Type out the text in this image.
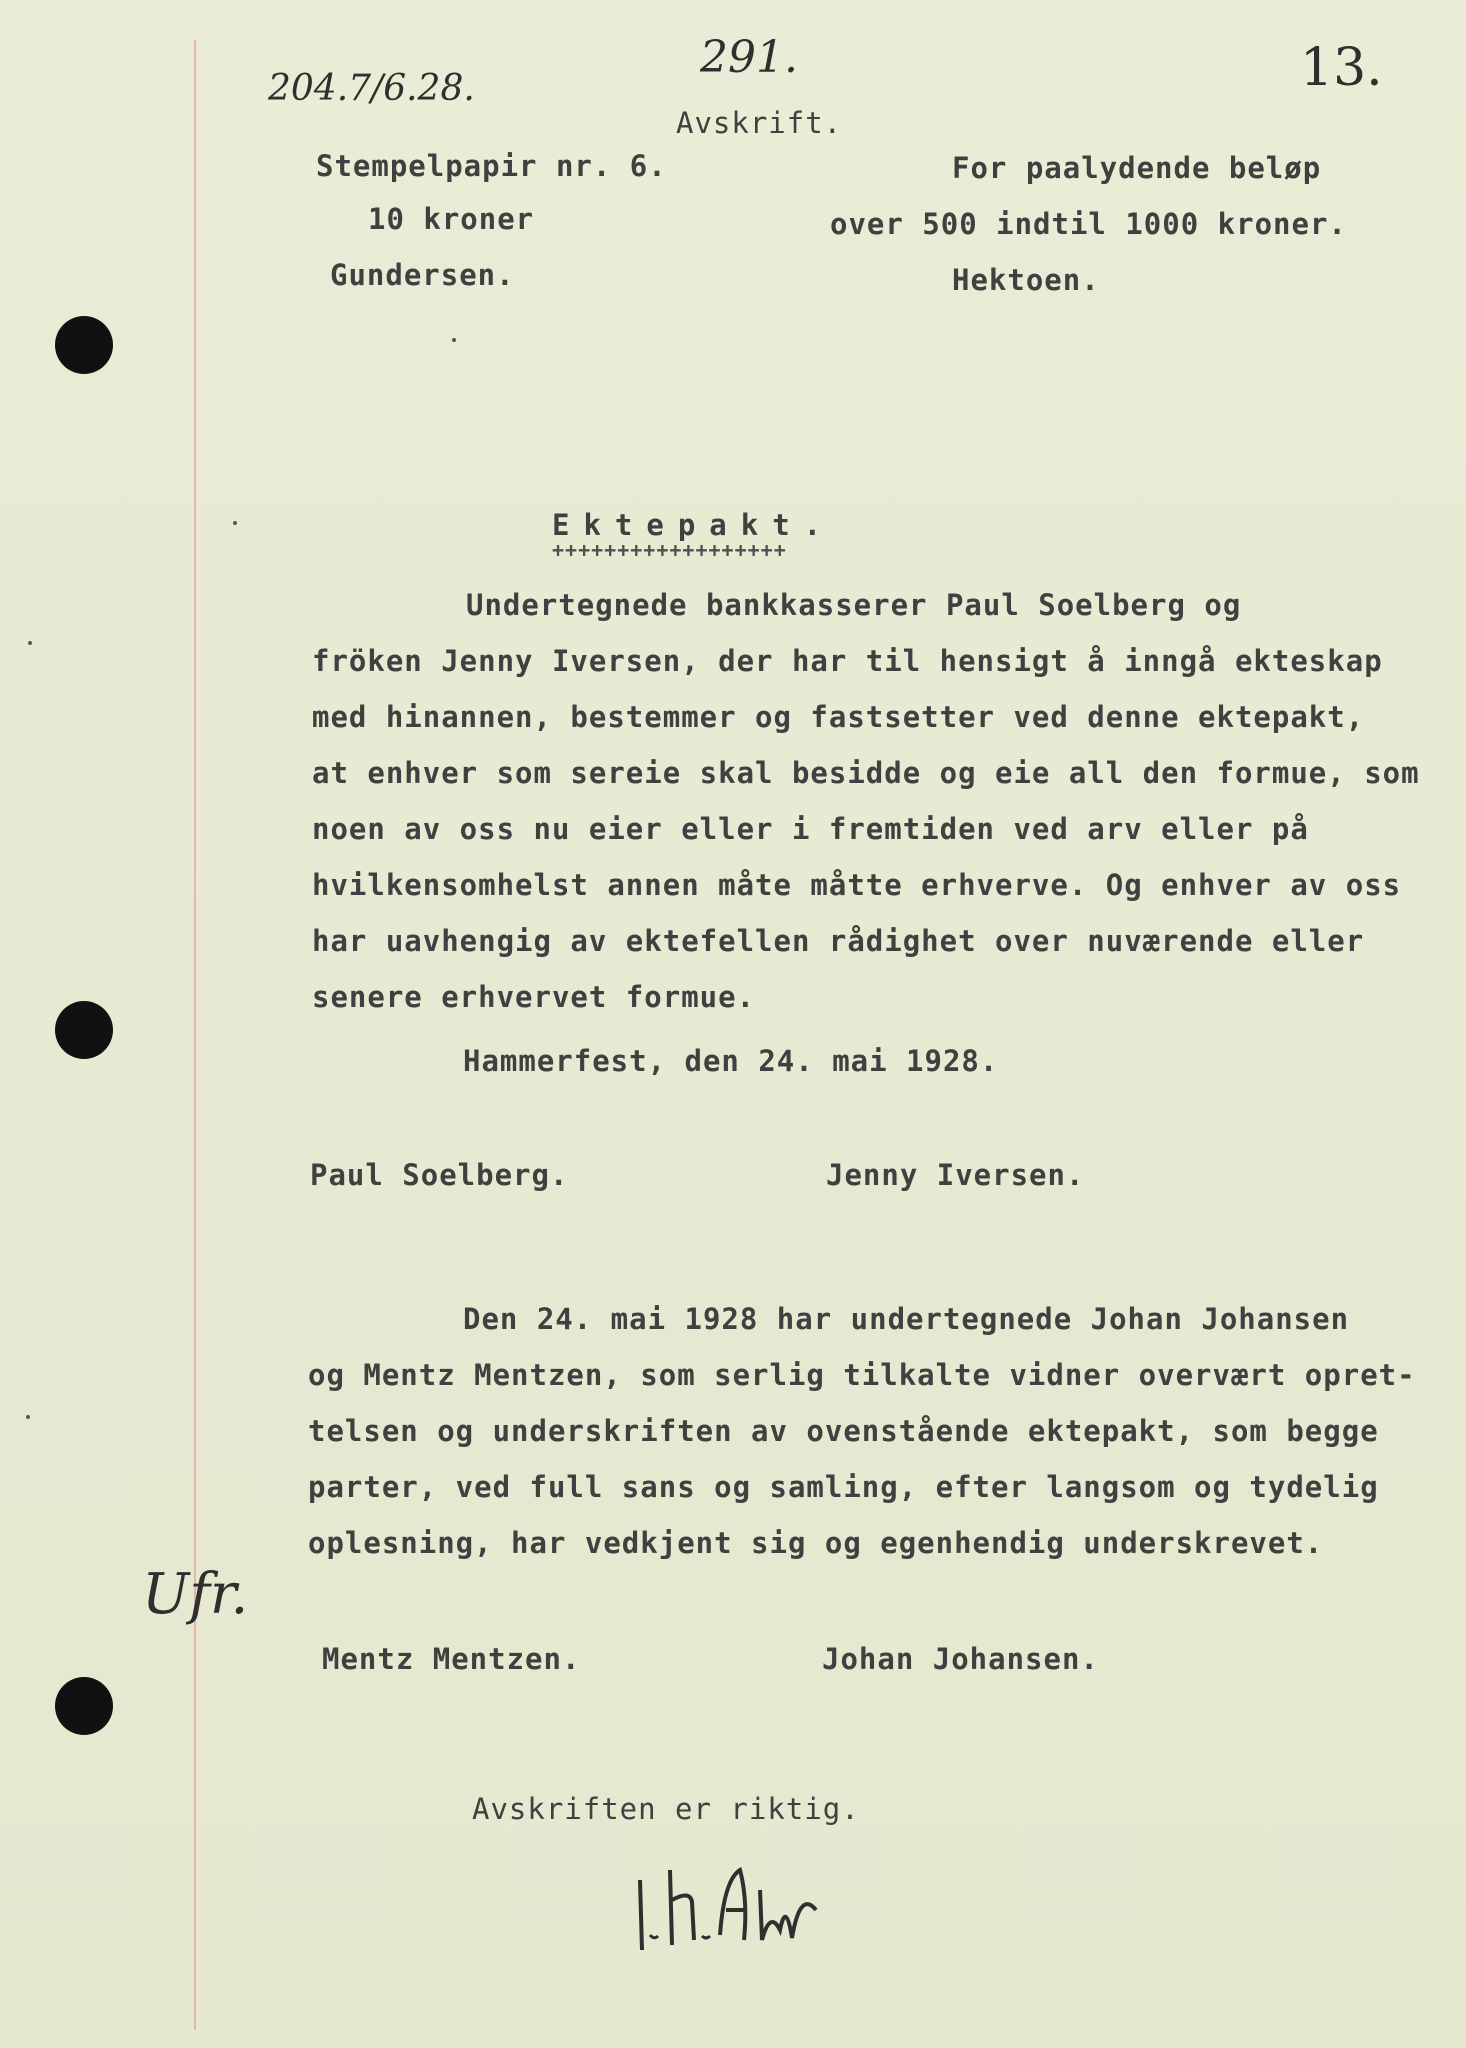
204.7/6.28.
291.	13.
Avskrift.
Stempelpapir nr. 6.
10 kroner
Gundersen.
For paalydende beløp
over 500 indtil 1000 kroner.
Hektoen.
Ektepakt.
++++++++++++++++++
Undertegnede bankkasserer Paul Soelberg og
fröken Jenny Iversen, der har til hensigt å inngå ekteskap
med hinannen, bestemmer og fastsetter ved denne ektepakt,
at enhver som sereie skal besidde og eie all den formue, som
noen av oss nu eier eller i fremtiden ved arv eller på
hvilkensomhelst annen måte måtte erhverve. Og enhver av oss
har uavhengig av ektefellen rådighet over nuværende eller
senere erhvervet formue.
Hammerfest, den 24. mai 1928.
Paul Soelberg.	Jenny Iversen.
Den 24. mai 1928 har undertegnede Johan Johansen
og Mentz Mentzen, som serlig tilkalte vidner overvært opret-
telsen og underskriften av ovenstående ektepakt, som begge
parter, ved full sans og samling, efter langsom og tydelig
oplesning, har vedkjent sig og egenhendig underskrevet.
Ufr.
Mentz Mentzen.	Johan Johansen.
Avskriften er riktig.
